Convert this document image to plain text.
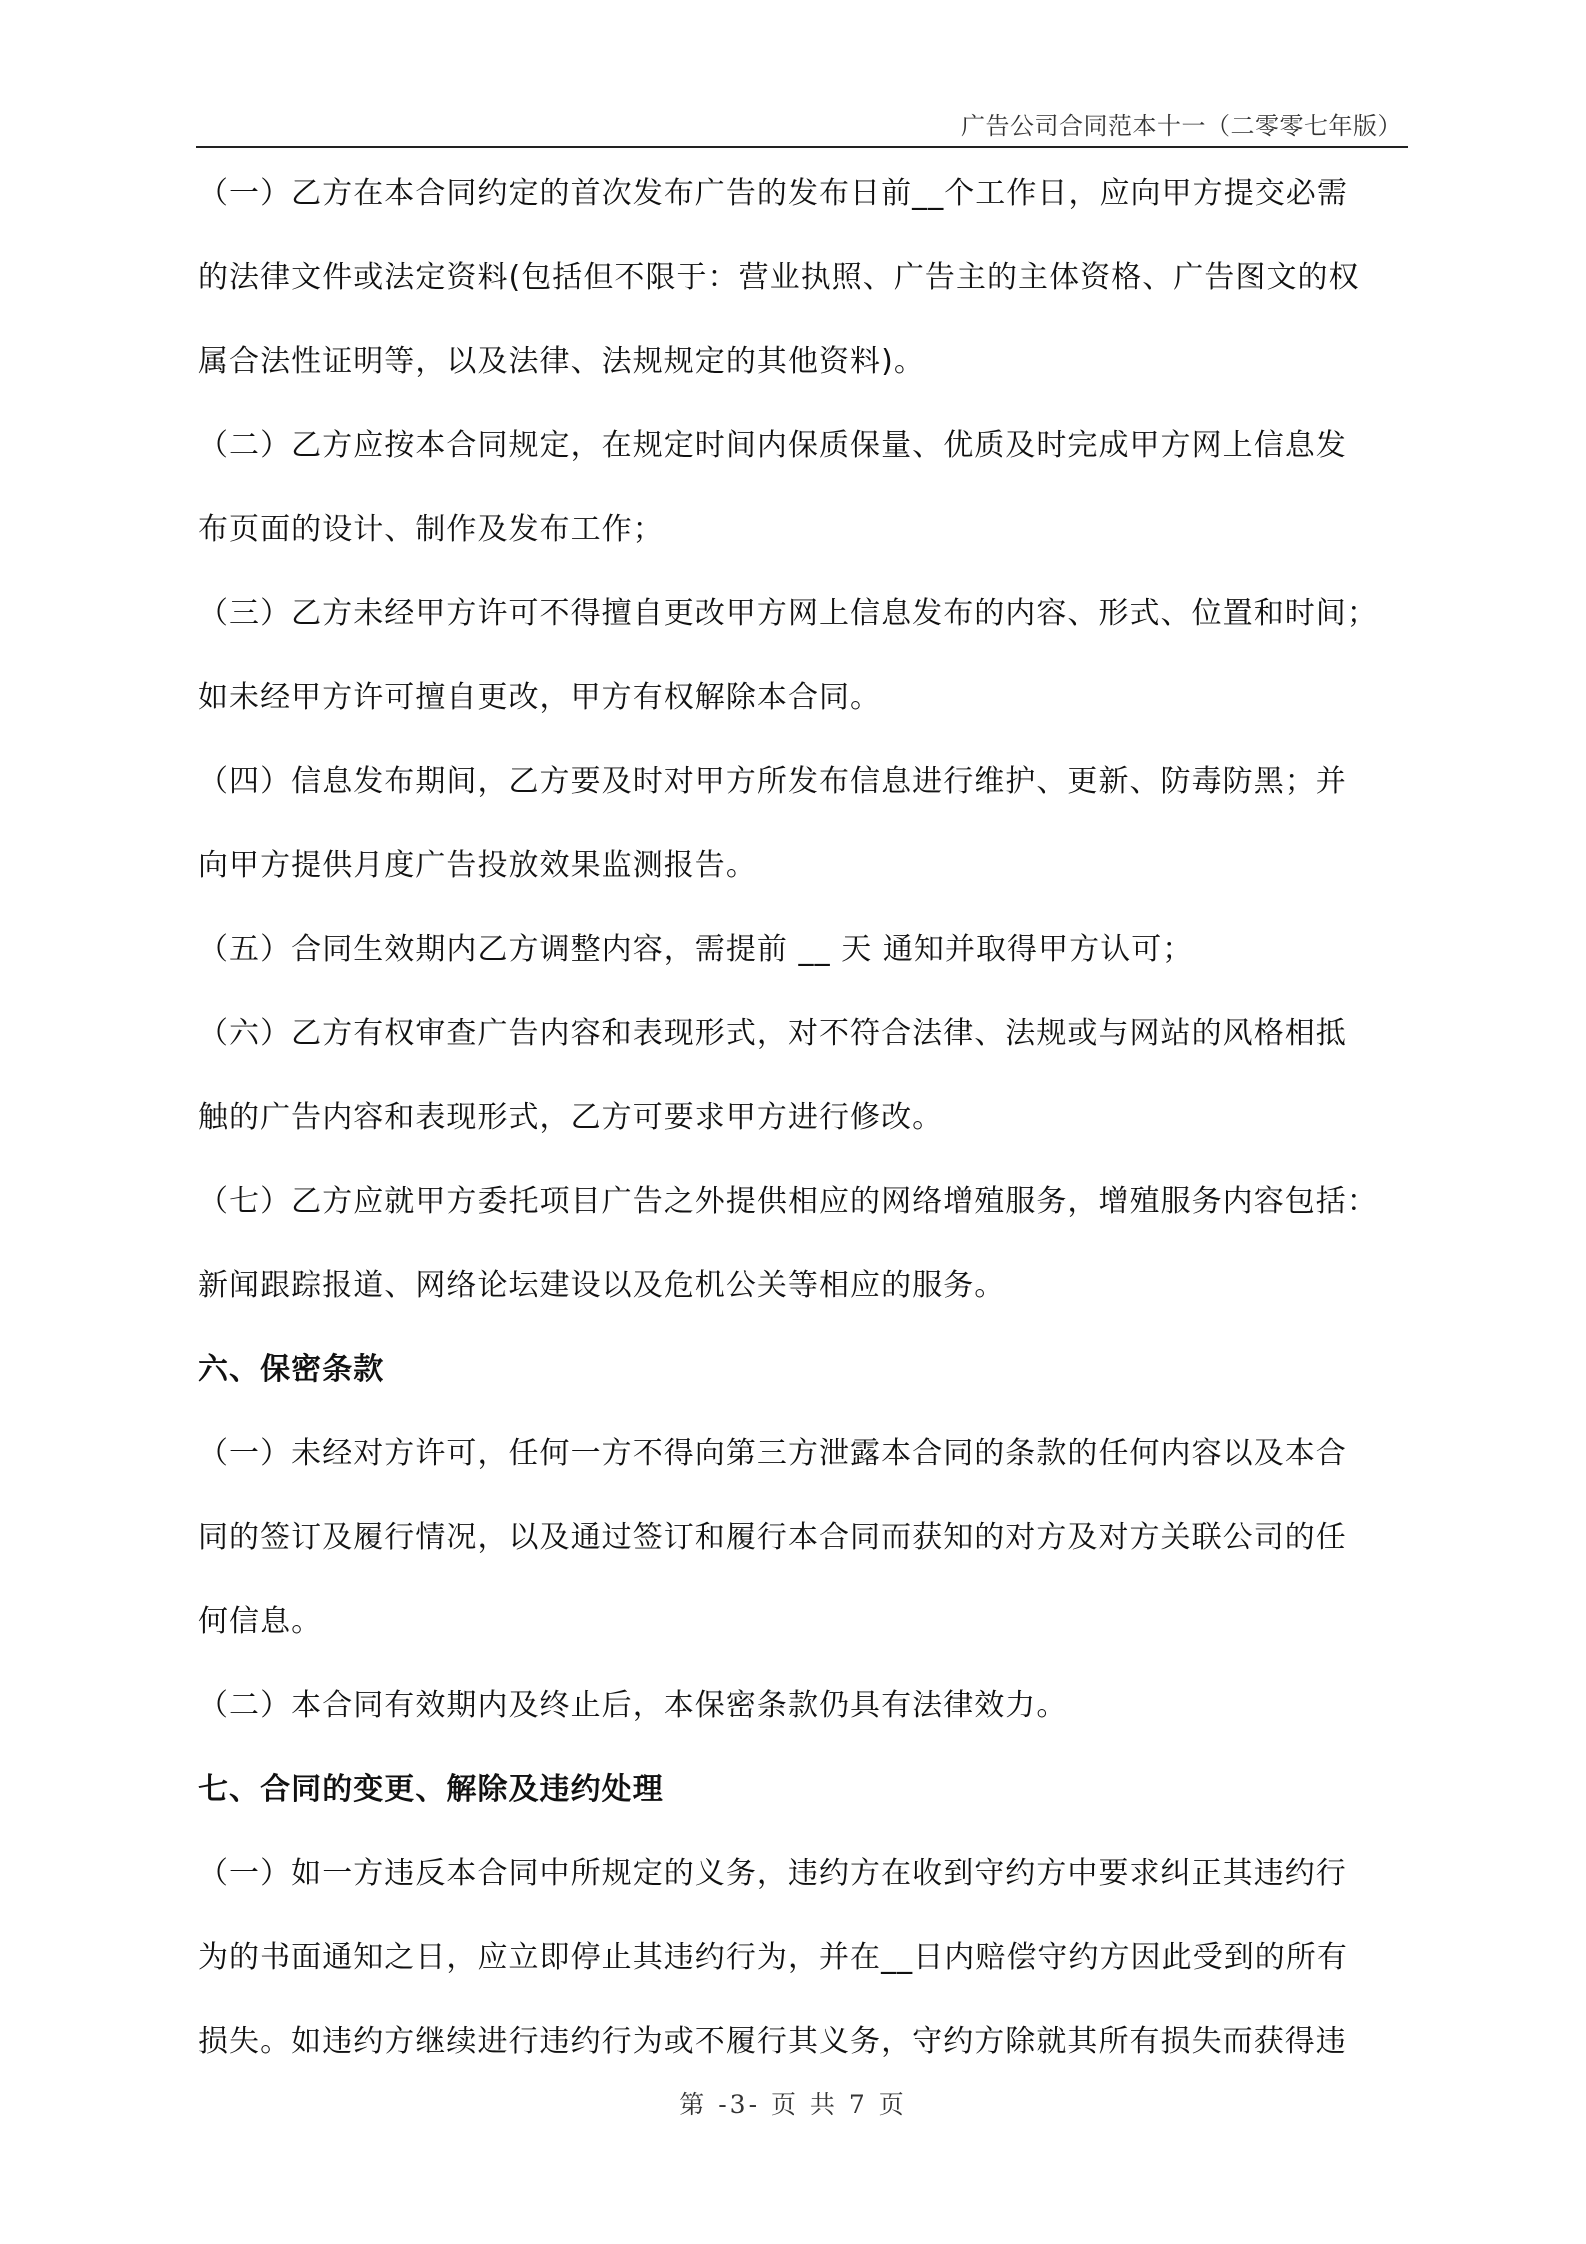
广告公司合同范本十一（二零零七年版）
（一）乙方在本合同约定的首次发布广告的发布日前__个工作日，应向甲方提交必需
的法律文件或法定资料(包括但不限于：营业执照、广告主的主体资格、广告图文的权
属合法性证明等，以及法律、法规规定的其他资料)。
（二）乙方应按本合同规定，在规定时间内保质保量、优质及时完成甲方网上信息发
布页面的设计、制作及发布工作；
（三）乙方未经甲方许可不得擅自更改甲方网上信息发布的内容、形式、位置和时间；
如未经甲方许可擅自更改，甲方有权解除本合同。
（四）信息发布期间，乙方要及时对甲方所发布信息进行维护、更新、防毒防黑；并
向甲方提供月度广告投放效果监测报告。
（五）合同生效期内乙方调整内容，需提前 __ 天 通知并取得甲方认可；
（六）乙方有权审查广告内容和表现形式，对不符合法律、法规或与网站的风格相抵
触的广告内容和表现形式，乙方可要求甲方进行修改。
（七）乙方应就甲方委托项目广告之外提供相应的网络增殖服务，增殖服务内容包括：
新闻跟踪报道、网络论坛建设以及危机公关等相应的服务。
六、保密条款
（一）未经对方许可，任何一方不得向第三方泄露本合同的条款的任何内容以及本合
同的签订及履行情况，以及通过签订和履行本合同而获知的对方及对方关联公司的任
何信息。
（二）本合同有效期内及终止后，本保密条款仍具有法律效力。
七、合同的变更、解除及违约处理
（一）如一方违反本合同中所规定的义务，违约方在收到守约方中要求纠正其违约行
为的书面通知之日，应立即停止其违约行为，并在__日内赔偿守约方因此受到的所有
损失。如违约方继续进行违约行为或不履行其义务，守约方除就其所有损失而获得违
第 -3- 页 共 7 页
